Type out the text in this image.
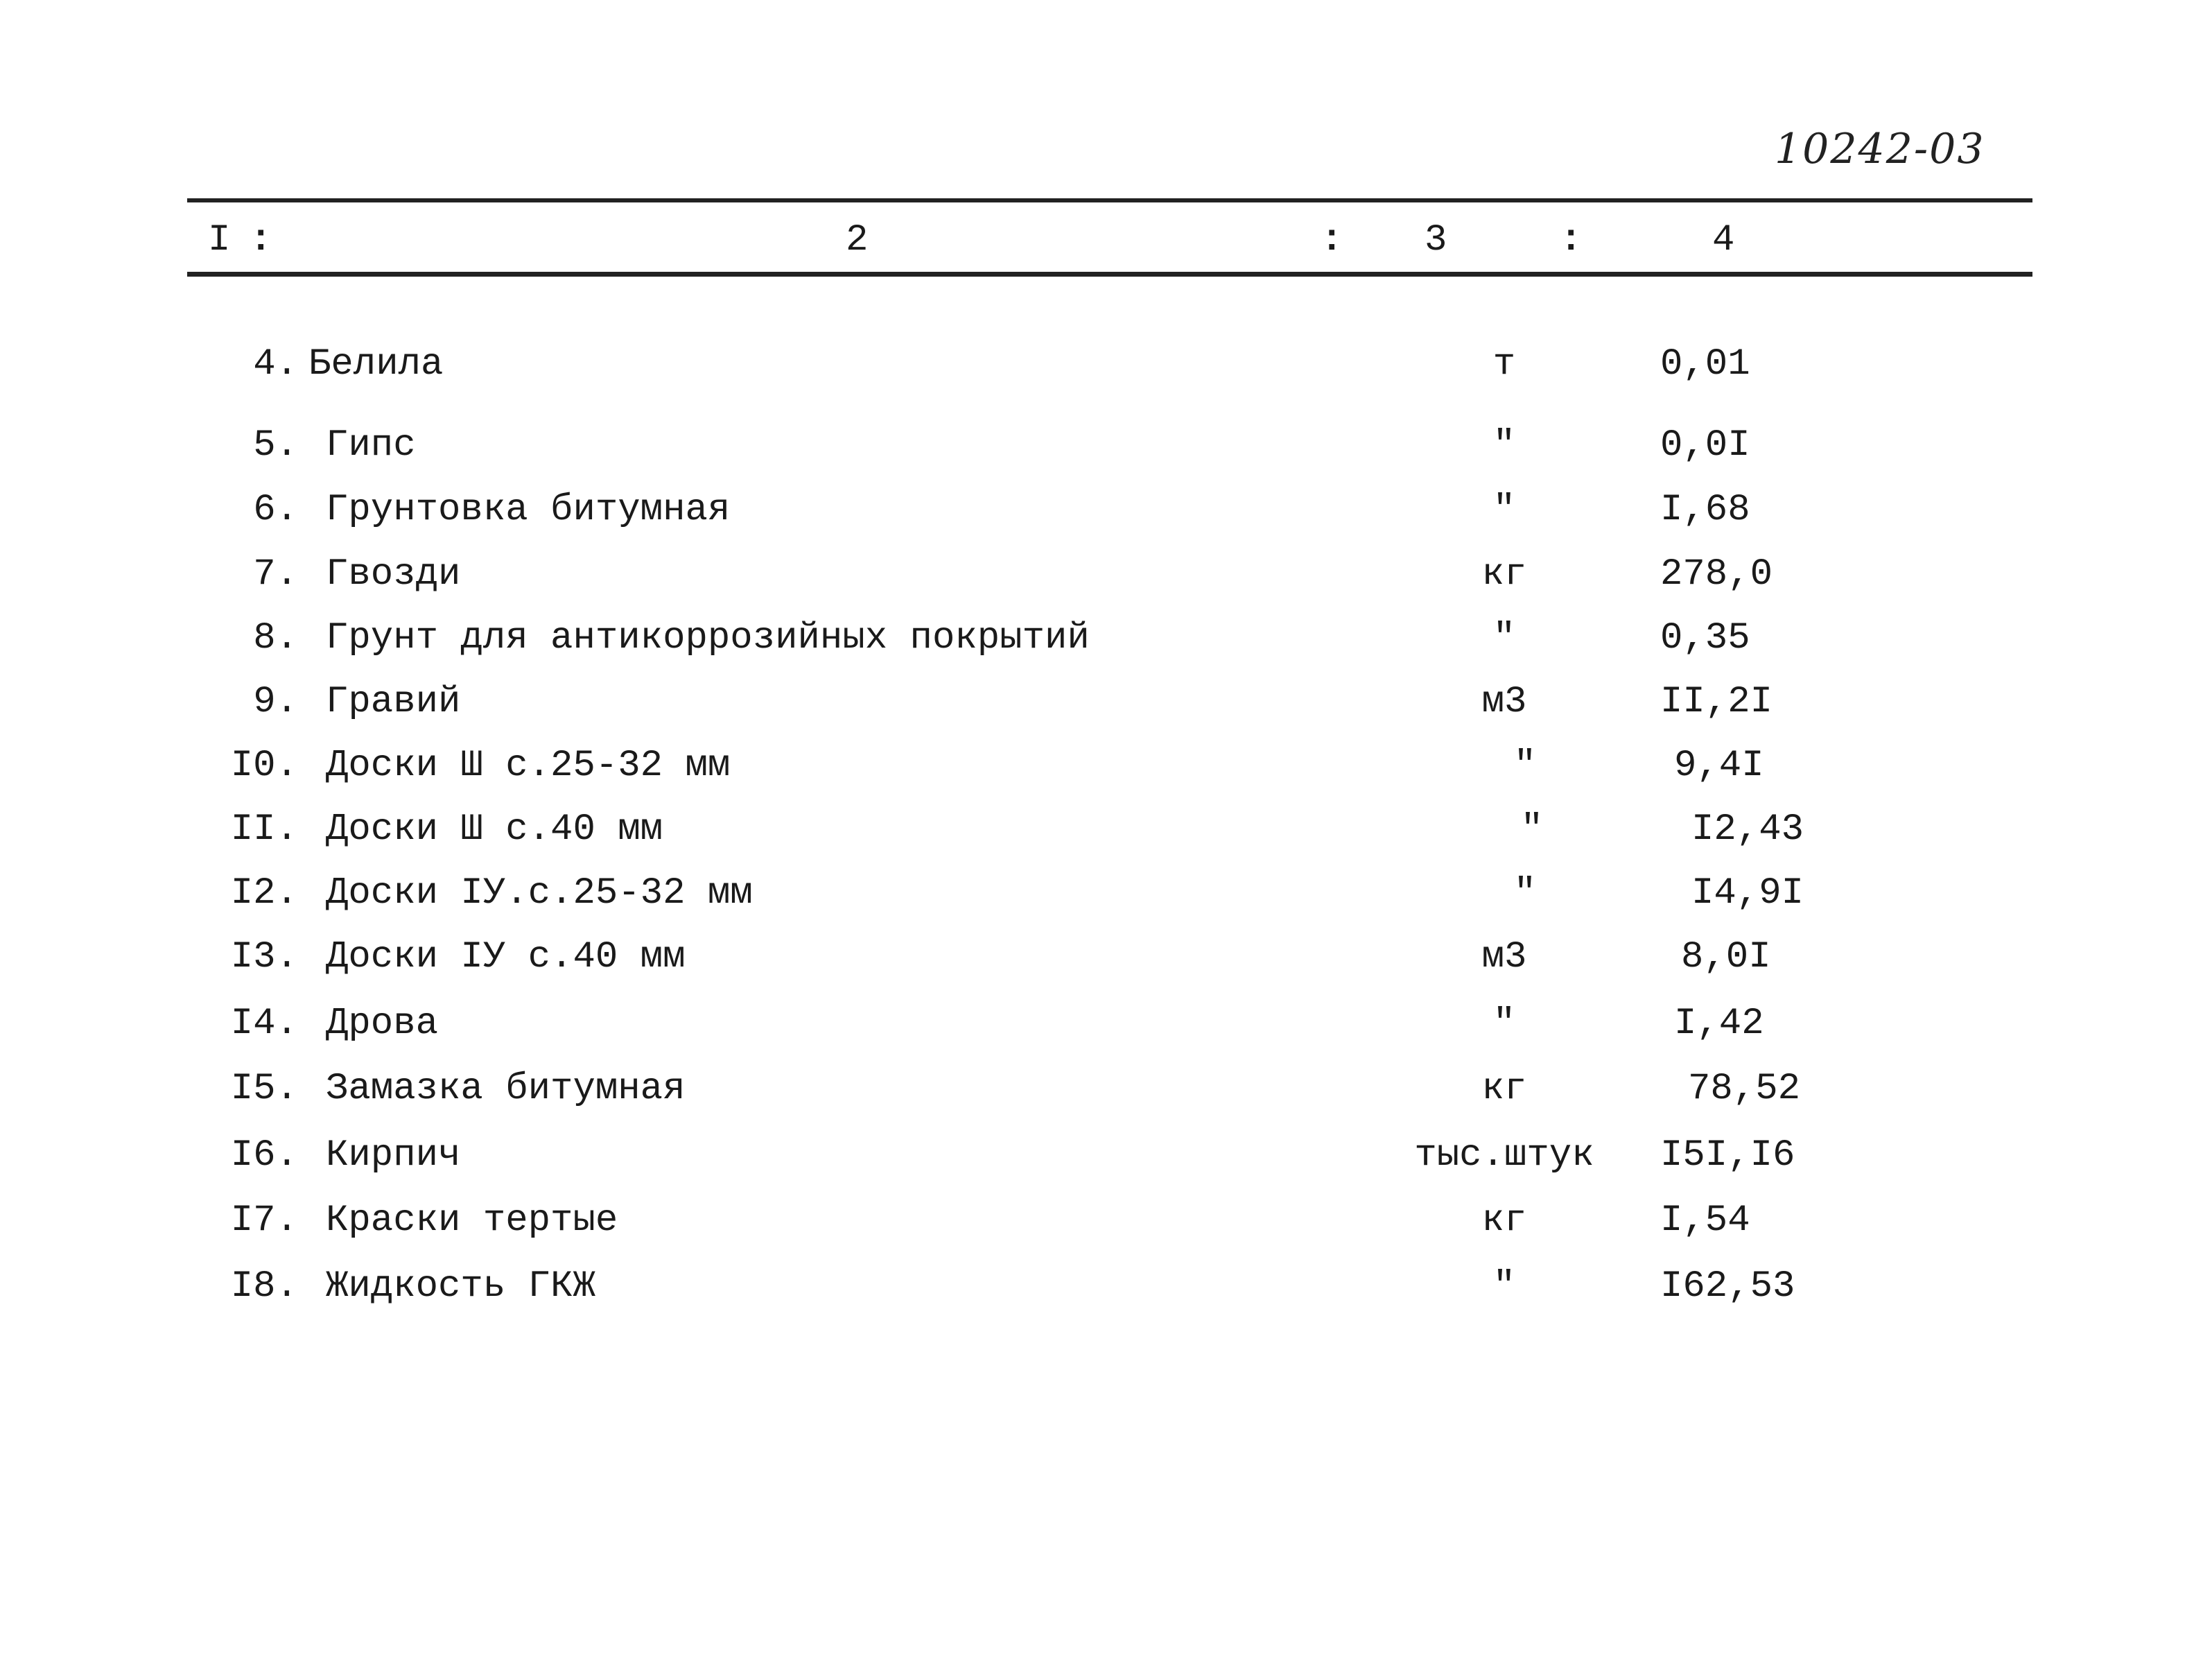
10242-03
I :	2	: 3	:	4
4. Белила	т	0,01
5. Гипс	"	0,0I
6. Грунтовка битумная	"	I,68
7. Гвозди	кг	278,0
8. Грунт для антикоррозийных покрытий	"	0,35
9. Гравий	м3	II,2I
I0. Доски Ш с.25-32 мм	"	9,4I
II. Доски Ш с.40 мм	"	I2,43
I2. Доски IУ.с.25-32 мм	"	I4,9I
I3. Доски IУ с.40 мм	м3	8,0I
I4. Дрова	"	I,42
I5. Замазка битумная	кг	78,52
I6. Кирпич	тыс.штук	I5I,I6
I7. Краски тертые	кг	I,54
I8. Жидкость ГКЖ	"	I62,53
